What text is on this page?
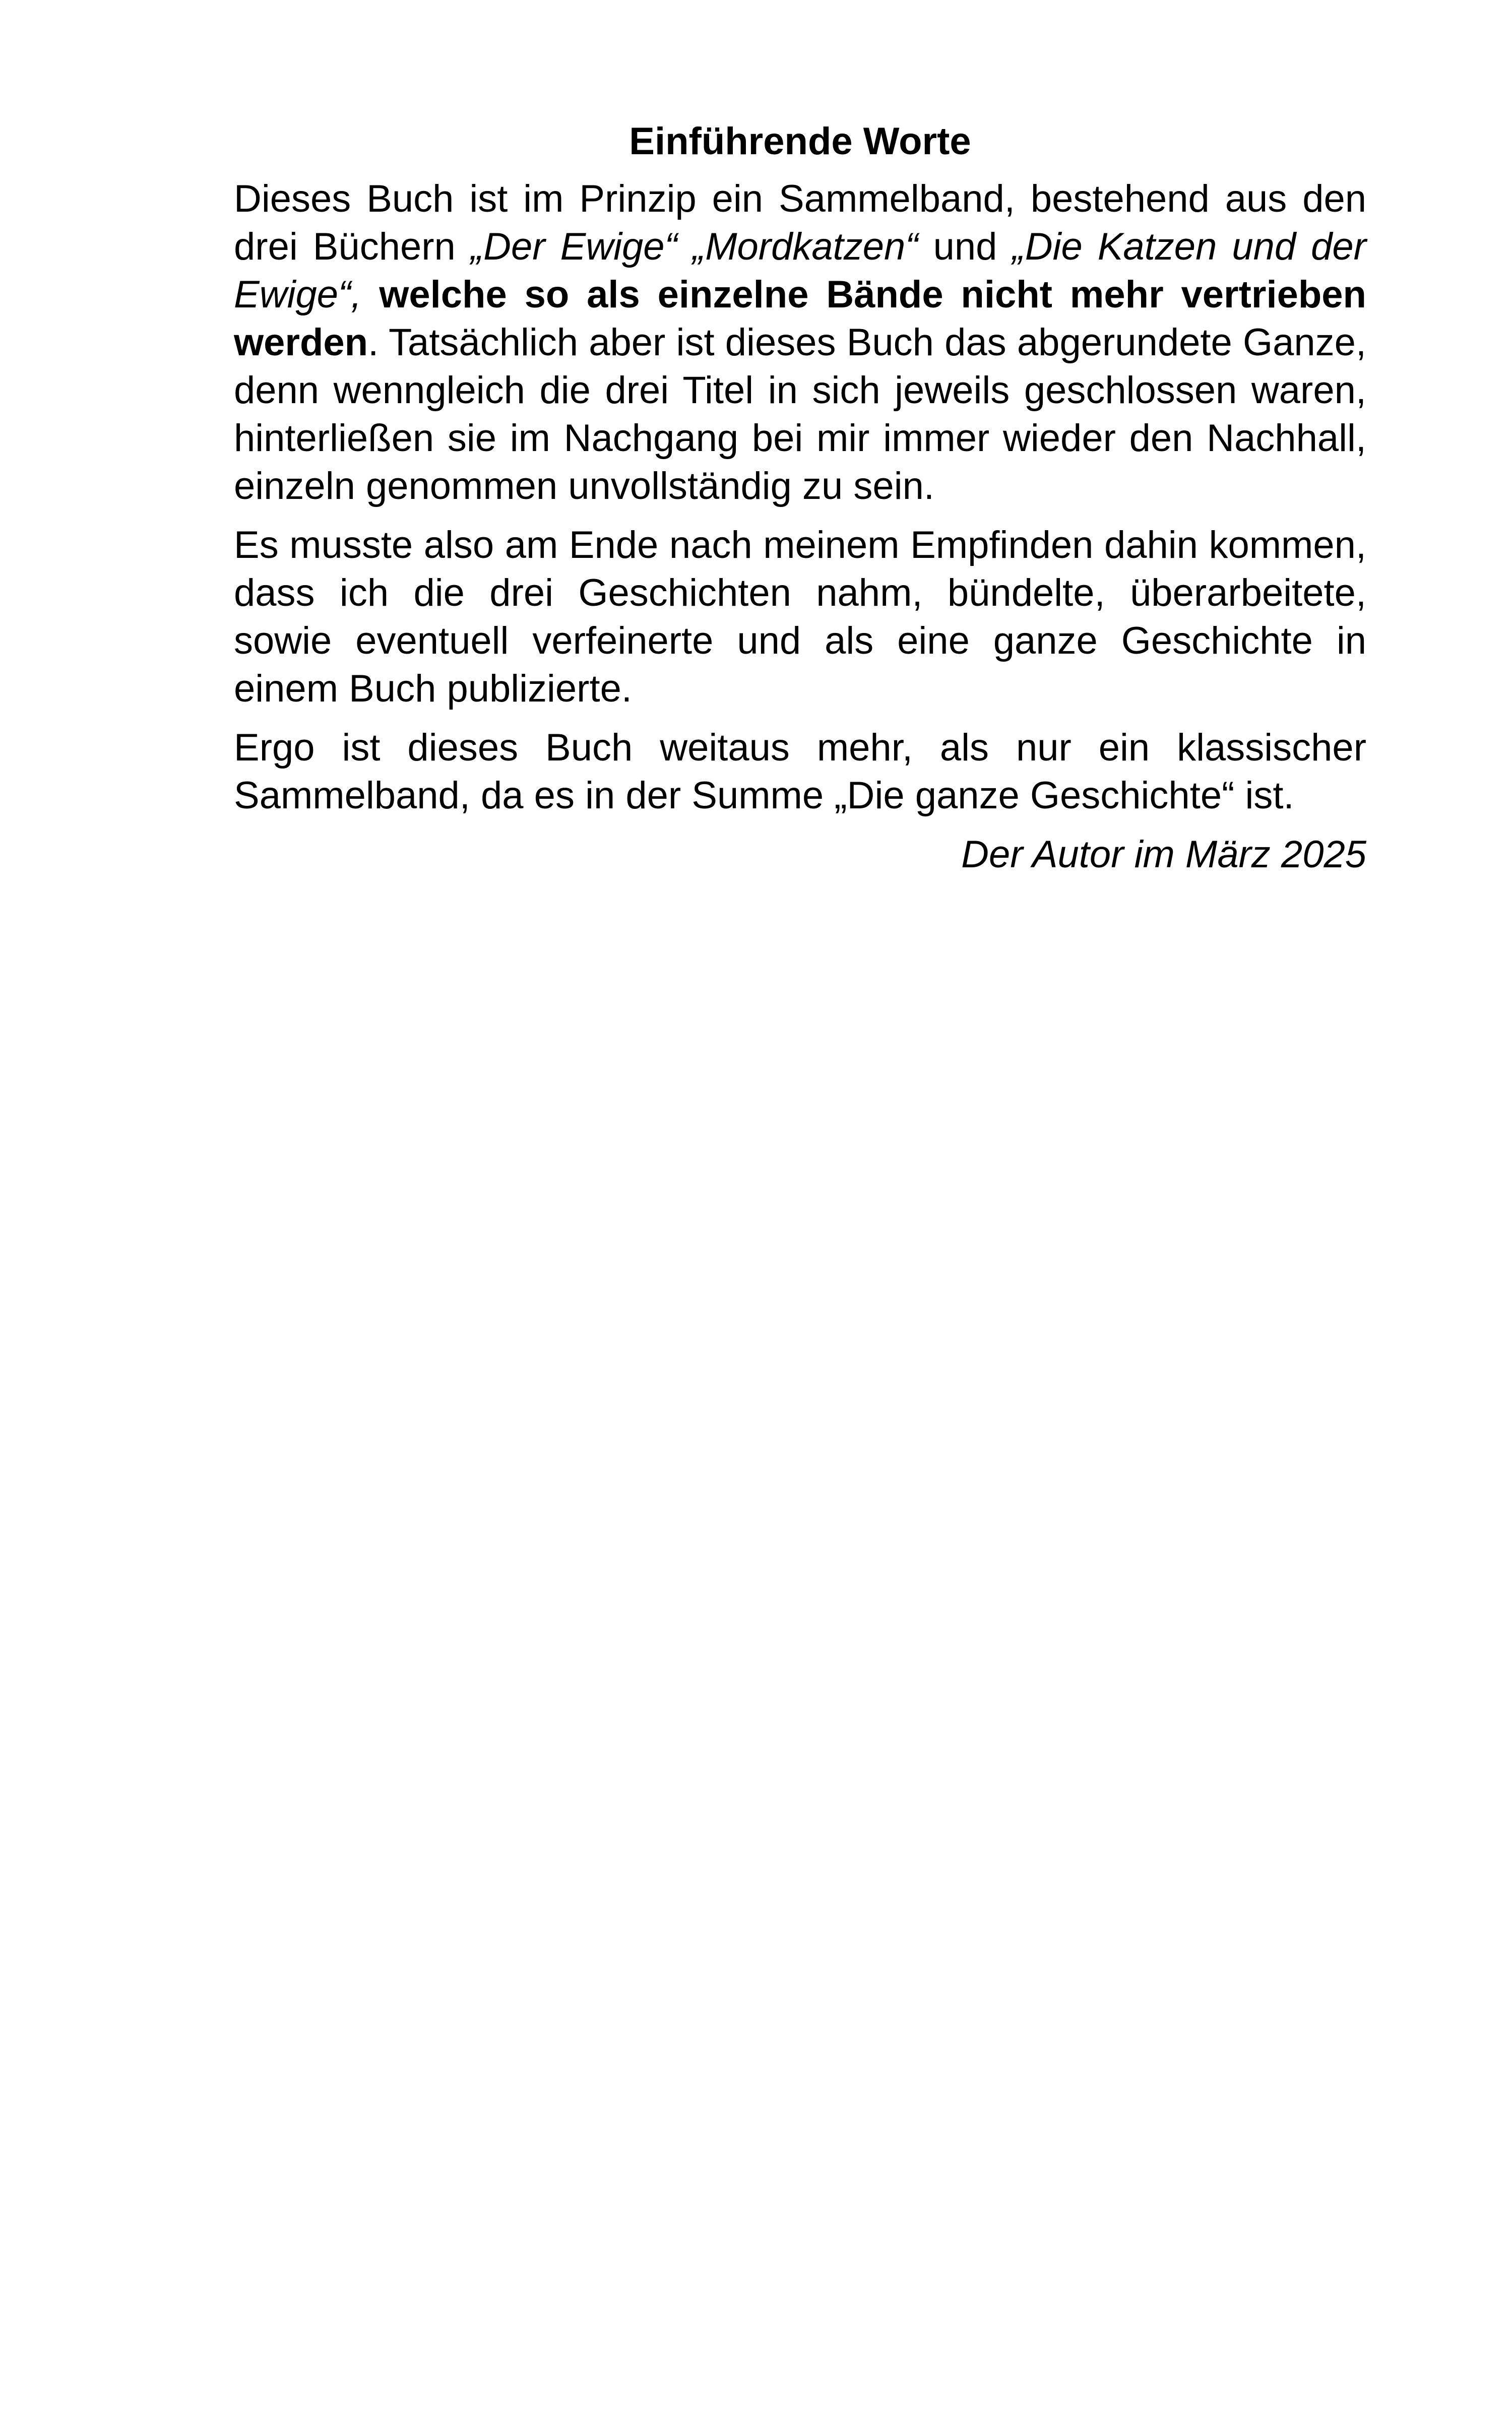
Einführende Worte
Dieses Buch ist im Prinzip ein Sammelband, bestehend aus den drei Büchern „Der Ewige“ „Mordkatzen“ und „Die Katzen und der Ewige“, welche so als einzelne Bände nicht mehr vertrieben werden. Tatsächlich aber ist dieses Buch das abgerundete Ganze, denn wenngleich die drei Titel in sich jeweils geschlossen waren, hinterließen sie im Nachgang bei mir immer wieder den Nachhall, einzeln genommen unvollständig zu sein.
Es musste also am Ende nach meinem Empfinden dahin kommen, dass ich die drei Geschichten nahm, bündelte, überarbeitete, sowie eventuell verfeinerte und als eine ganze Geschichte in einem Buch publizierte.
Ergo ist dieses Buch weitaus mehr, als nur ein klassischer Sammelband, da es in der Summe „Die ganze Geschichte“ ist.
Der Autor im März 2025
